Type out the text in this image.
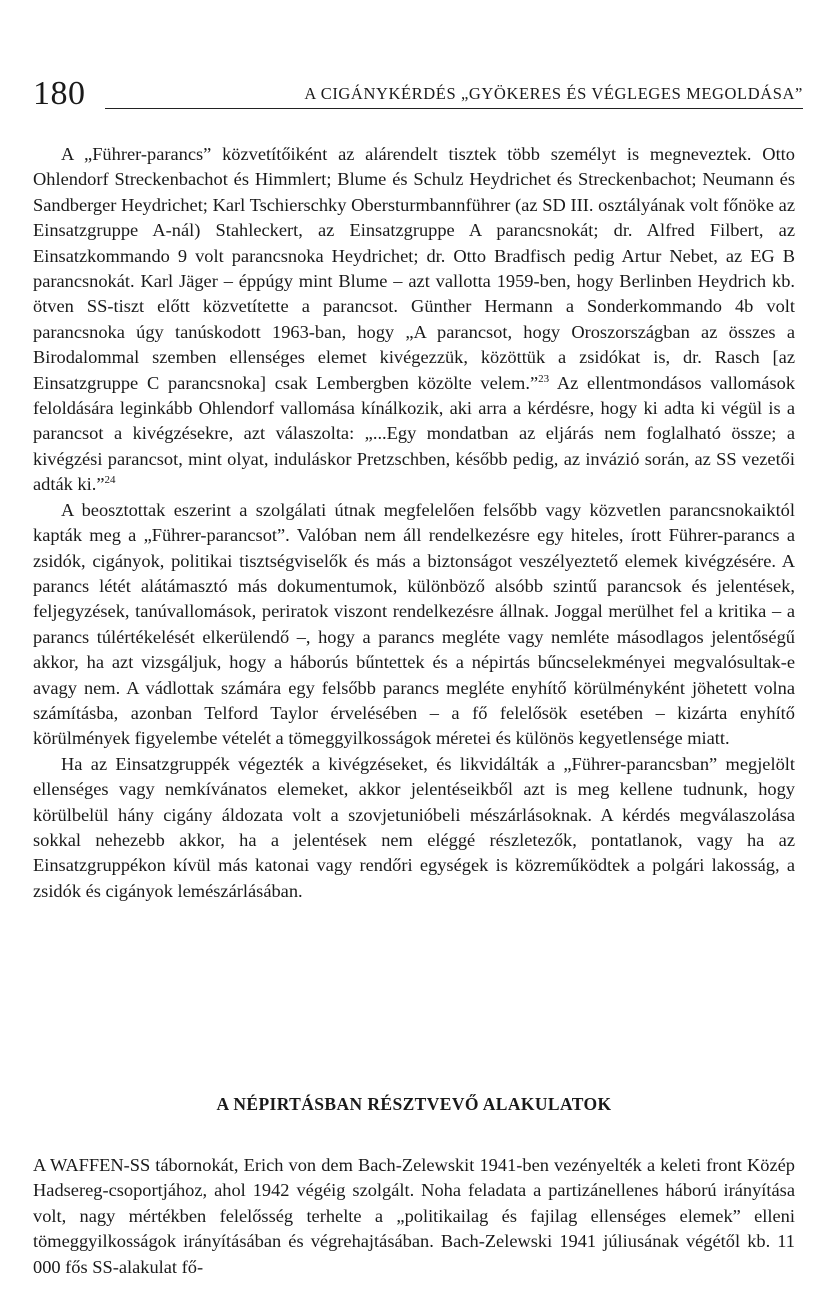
180	A CIGÁNYKÉRDÉS „GYÖKERES ÉS VÉGLEGES MEGOLDÁSA”

A „Führer-parancs” közvetítőiként az alárendelt tisztek több személyt is megneveztek. Otto Ohlendorf Streckenbachot és Himmlert; Blume és Schulz Heydrichet és Streckenbachot; Neumann és Sandberger Heydrichet; Karl Tschierschky Obersturmbannführer (az SD III. osztályának volt főnöke az Einsatzgruppe A-nál) Stahleckert, az Einsatzgruppe A parancsnokát; dr. Alfred Filbert, az Einsatzkommando 9 volt parancsnoka Heydrichet; dr. Otto Bradfisch pedig Artur Nebet, az EG B parancsnokát. Karl Jäger – éppúgy mint Blume – azt vallotta 1959-ben, hogy Berlinben Heydrich kb. ötven SS-tiszt előtt közvetítette a parancsot. Günther Hermann a Sonderkommando 4b volt parancsnoka úgy tanúskodott 1963-ban, hogy „A parancsot, hogy Oroszországban az összes a Birodalommal szemben ellenséges elemet kivégezzük, közöttük a zsidókat is, dr. Rasch [az Einsatzgruppe C parancsnoka] csak Lembergben közölte velem.”$^{23}$ Az ellentmondásos vallomások feloldására leginkább Ohlendorf vallomása kínálkozik, aki arra a kérdésre, hogy ki adta ki végül is a parancsot a kivégzésekre, azt válaszolta: „...Egy mondatban az eljárás nem foglalható össze; a kivégzési parancsot, mint olyat, induláskor Pretzschben, később pedig, az invázió során, az SS vezetői adták ki.”$^{24}$

A beosztottak eszerint a szolgálati útnak megfelelően felsőbb vagy közvetlen parancsnokaiktól kapták meg a „Führer-parancsot”. Valóban nem áll rendelkezésre egy hiteles, írott Führer-parancs a zsidók, cigányok, politikai tisztségviselők és más a biztonságot veszélyeztető elemek kivégzésére. A parancs létét alátámasztó más dokumentumok, különböző alsóbb szintű parancsok és jelentések, feljegyzések, tanúvallomások, periratok viszont rendelkezésre állnak. Joggal merülhet fel a kritika – a parancs túlértékelését elkerülendő –, hogy a parancs megléte vagy nemléte másodlagos jelentőségű akkor, ha azt vizsgáljuk, hogy a háborús bűntettek és a népirtás bűncselekményei megvalósultak-e avagy nem. A vádlottak számára egy felsőbb parancs megléte enyhítő körülményként jöhetett volna számításba, azonban Telford Taylor érvelésében – a fő felelősök esetében – kizárta enyhítő körülmények figyelembe vételét a tömeggyilkosságok méretei és különös kegyetlensége miatt.

Ha az Einsatzgruppék végezték a kivégzéseket, és likvidálták a „Führer-parancsban” megjelölt ellenséges vagy nemkívánatos elemeket, akkor jelentéseikből azt is meg kellene tudnunk, hogy körülbelül hány cigány áldozata volt a szovjetunióbeli mészárlásoknak. A kérdés megválaszolása sokkal nehezebb akkor, ha a jelentések nem eléggé részletezők, pontatlanok, vagy ha az Einsatzgruppékon kívül más katonai vagy rendőri egységek is közreműködtek a polgári lakosság, a zsidók és cigányok lemészárlásában.

A NÉPIRTÁSBAN RÉSZTVEVŐ ALAKULATOK

A WAFFEN-SS tábornokát, Erich von dem Bach-Zelewskit 1941-ben vezényelték a keleti front Közép Hadsereg-csoportjához, ahol 1942 végéig szolgált. Noha feladata a partizánellenes háború irányítása volt, nagy mértékben felelősség terhelte a „politikailag és fajilag ellenséges elemek” elleni tömeggyilkosságok irányításában és végrehajtásában. Bach-Zelewski 1941 júliusának végétől kb. 11 000 fős SS-alakulat fő-
